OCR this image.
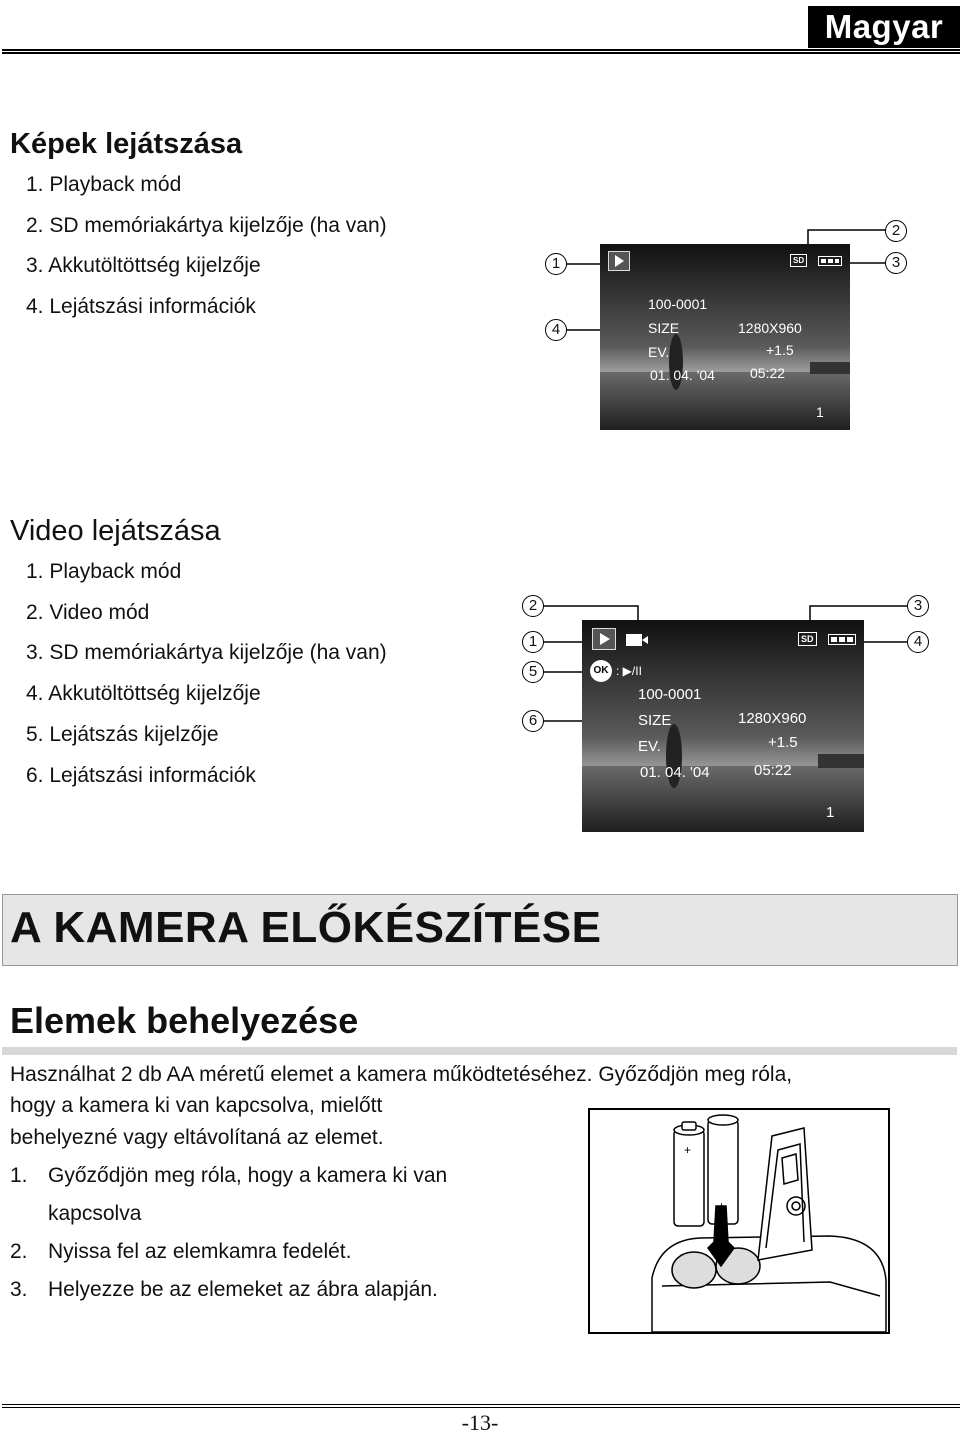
Magyar
Képek lejátszása
1. Playback mód
2. SD memóriakártya kijelzője (ha van)
3. Akkutöltöttség kijelzője
4. Lejátszási információk
SD
100-0001
SIZE	1280X960
EV.	+1.5
01. 04. '04	05:22
1
1
2
3
4
Video lejátszása
1. Playback mód
2. Video mód
3. SD memóriakártya kijelzője (ha van)
4. Akkutöltöttség kijelzője
5. Lejátszás kijelzője
6. Lejátszási információk
SD
OK : ▶/II
100-0001
SIZE	1280X960
EV.	+1.5
01. 04. '04	05:22
1
1
2	3
4
5
6
A KAMERA ELŐKÉSZÍTÉSE
Elemek behelyezése
Használhat 2 db AA méretű elemet a kamera működtetéséhez. Győződjön meg róla,
hogy a kamera ki van kapcsolva, mielőtt
behelyezné vagy eltávolítaná az elemet.
1. Győződjön meg róla, hogy a kamera ki van
kapcsolva
2. Nyissa fel az elemkamra fedelét.
3. Helyezze be az elemeket az ábra alapján.
+
+
-13-
